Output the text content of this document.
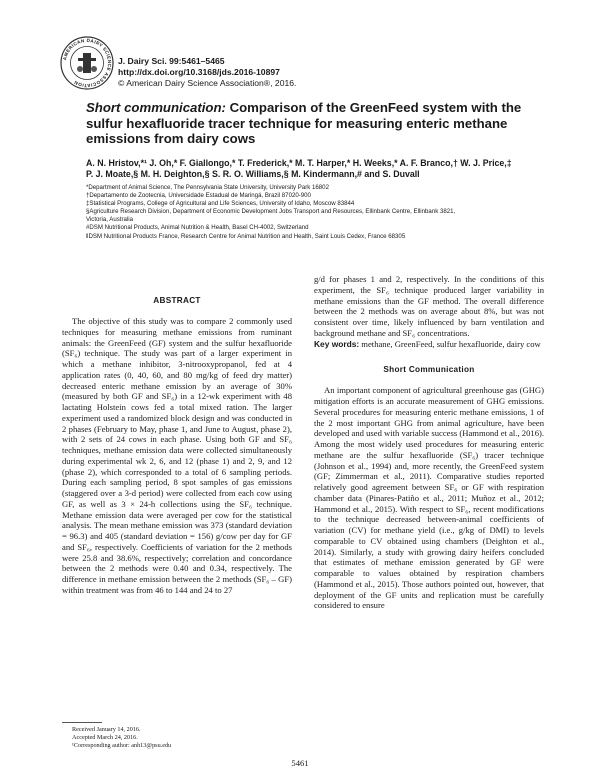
AMERICAN DAIRY SCIENCE ASSOCIATION
J. Dairy Sci. 99:5461–5465
http://dx.doi.org/10.3168/jds.2016-10897
© American Dairy Science Association®, 2016.
Short communication: Comparison of the GreenFeed system with the sulfur hexafluoride tracer technique for measuring enteric methane emissions from dairy cows
A. N. Hristov,*¹ J. Oh,* F. Giallongo,* T. Frederick,* M. T. Harper,* H. Weeks,* A. F. Branco,† W. J. Price,‡
P. J. Moate,§ M. H. Deighton,§ S. R. O. Williams,§ M. Kindermann,# and S. Duvall
*Department of Animal Science, The Pennsylvania State University, University Park 16802
†Departamento de Zootecnia, Universidade Estadual de Maringá, Brazil 87020-900
‡Statistical Programs, College of Agricultural and Life Sciences, University of Idaho, Moscow 83844
§Agriculture Research Division, Department of Economic Development Jobs Transport and Resources, Ellinbank Centre, Ellinbank 3821,
Victoria, Australia
#DSM Nutritional Products, Animal Nutrition & Health, Basel CH-4002, Switzerland
‖DSM Nutritional Products France, Research Centre for Animal Nutrition and Health, Saint Louis Cedex, France 68305
ABSTRACT

The objective of this study was to compare 2 commonly used techniques for measuring methane emissions from ruminant animals: the GreenFeed (GF) system and the sulfur hexafluoride (SF₆) technique. The study was part of a larger experiment in which a methane inhibitor, 3-nitrooxypropanol, fed at 4 application rates (0, 40, 60, and 80 mg/kg of feed dry matter) decreased enteric methane emission by an average of 30% (measured by both GF and SF₆) in a 12-wk experiment with 48 lactating Holstein cows fed a total mixed ration. The larger experiment used a randomized block design and was conducted in 2 phases (February to May, phase 1, and June to August, phase 2), with 2 sets of 24 cows in each phase. Using both GF and SF₆ techniques, methane emission data were collected simultaneously during experimental wk 2, 6, and 12 (phase 1) and 2, 9, and 12 (phase 2), which corresponded to a total of 6 sampling periods. During each sampling period, 8 spot samples of gas emissions (staggered over a 3-d period) were collected from each cow using GF, as well as 3 × 24-h collections using the SF₆ technique. Methane emission data were averaged per cow for the statistical analysis. The mean methane emission was 373 (standard deviation = 96.3) and 405 (standard deviation = 156) g/cow per day for GF and SF₆, respectively. Coefficients of variation for the 2 methods were 25.8 and 38.6%, respectively; correlation and concordance between the 2 methods were 0.40 and 0.34, respectively. The difference in methane emission between the 2 methods (SF₆ – GF) within treatment was from 46 to 144 and 24 to 27

g/d for phases 1 and 2, respectively. In the conditions of this experiment, the SF₆ technique produced larger variability in methane emissions than the GF method. The overall difference between the 2 methods was on average about 8%, but was not consistent over time, likely influenced by barn ventilation and background methane and SF₆ concentrations.

Key words: methane, GreenFeed, sulfur hexafluoride, dairy cow

Short Communication

An important component of agricultural greenhouse gas (GHG) mitigation efforts is an accurate measurement of GHG emissions. Several procedures for measuring enteric methane emissions, 1 of the 2 most important GHG from animal agriculture, have been developed and used with variable success (Hammond et al., 2016). Among the most widely used procedures for measuring enteric methane are the sulfur hexafluoride (SF₆) tracer technique (Johnson et al., 1994) and, more recently, the GreenFeed system (GF; Zimmerman et al., 2011). Comparative studies reported relatively good agreement between SF₆ or GF with respiration chamber data (Pinares-Patiño et al., 2011; Muñoz et al., 2012; Hammond et al., 2015). With respect to SF₆, recent modifications to the technique decreased between-animal coefficients of variation (CV) for methane yield (i.e., g/kg of DMI) to levels comparable to CV obtained using chambers (Deighton et al., 2014). Similarly, a study with growing dairy heifers concluded that estimates of methane emission generated by GF were comparable to values obtained by respiration chambers (Hammond et al., 2015). Those authors pointed out, however, that deployment of the GF units and replication must be carefully considered to ensure

Received January 14, 2016.
Accepted March 24, 2016.
¹Corresponding author: anh13@psu.edu
5461
